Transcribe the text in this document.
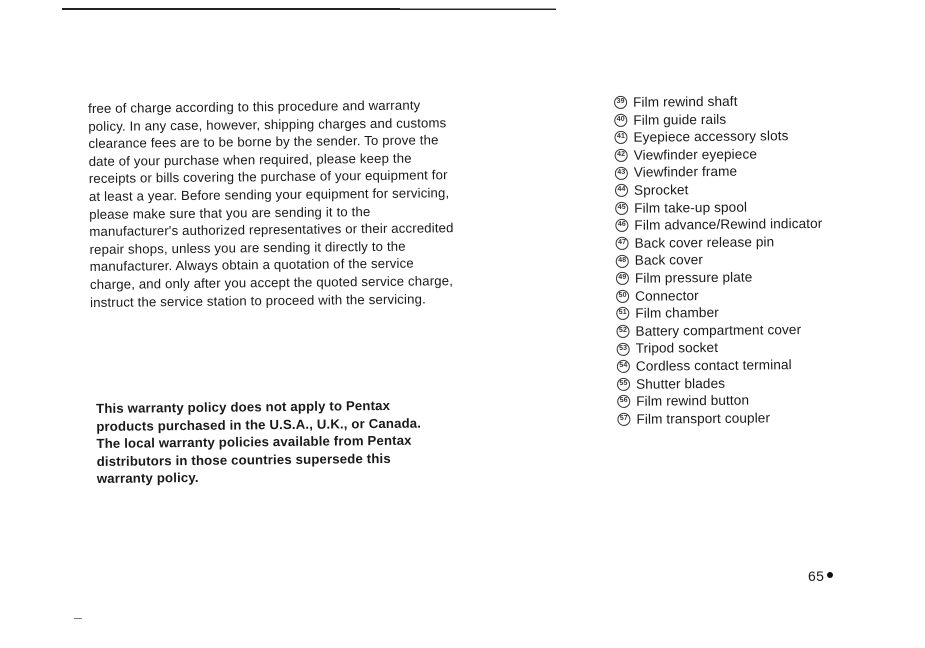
free of charge according to this procedure and warranty policy. In any case, however, shipping charges and customs clearance fees are to be borne by the sender. To prove the date of your purchase when required, please keep the receipts or bills covering the purchase of your equipment for at least a year. Before sending your equipment for servicing, please make sure that you are sending it to the manufacturer's authorized representatives or their accredited repair shops, unless you are sending it directly to the manufacturer. Always obtain a quotation of the service charge, and only after you accept the quoted service charge, instruct the service station to proceed with the servicing.

This warranty policy does not apply to Pentax products purchased in the U.S.A., U.K., or Canada. The local warranty policies available from Pentax distributors in those countries supersede this warranty policy.

39 Film rewind shaft
40 Film guide rails
41 Eyepiece accessory slots
42 Viewfinder eyepiece
43 Viewfinder frame
44 Sprocket
45 Film take-up spool
46 Film advance/Rewind indicator
47 Back cover release pin
48 Back cover
49 Film pressure plate
50 Connector
51 Film chamber
52 Battery compartment cover
53 Tripod socket
54 Cordless contact terminal
55 Shutter blades
56 Film rewind button
57 Film transport coupler
65
